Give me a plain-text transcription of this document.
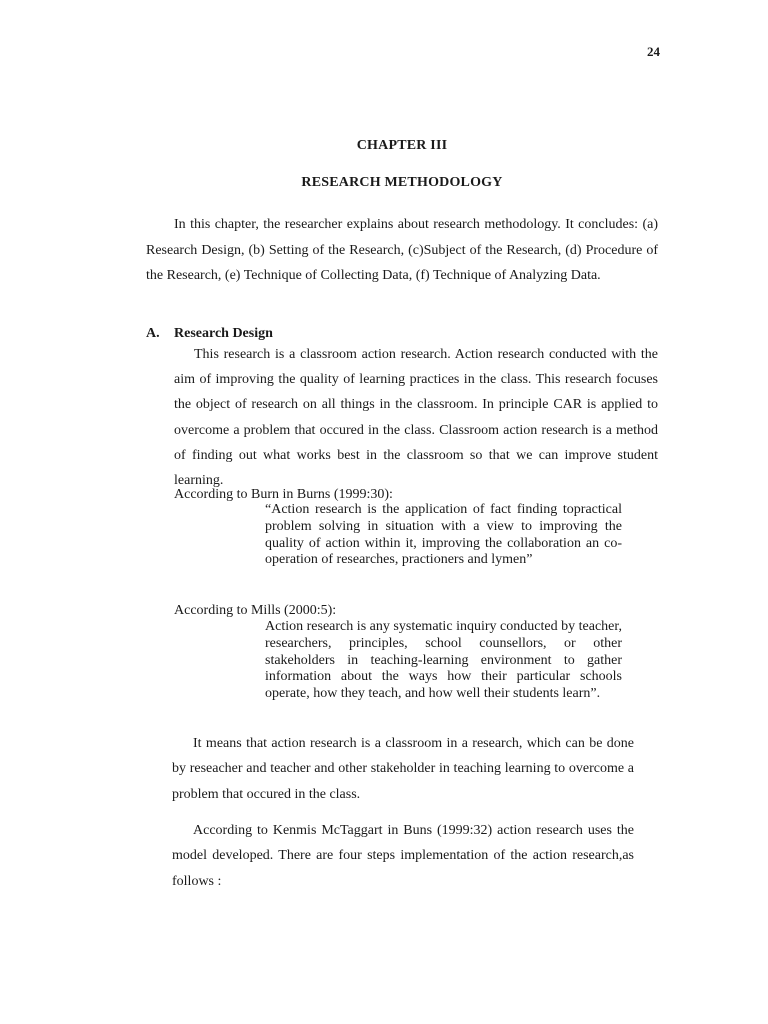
24
CHAPTER III
RESEARCH METHODOLOGY

In this chapter, the researcher explains about research methodology. It concludes: (a) Research Design, (b) Setting of the Research, (c)Subject of the Research, (d) Procedure of the Research, (e) Technique of Collecting Data, (f) Technique of Analyzing Data.

A. Research Design

This research is a classroom action research. Action research conducted with the aim of improving the quality of learning practices in the class. This research focuses the object of research on all things in the classroom. In principle CAR is applied to overcome a problem that occured in the class. Classroom action research is a method of finding out what works best in the classroom so that we can improve student learning.

According to Burn in Burns (1999:30):

“Action research is the application of fact finding topractical problem solving in situation with a view to improving the quality of action within it, improving the collaboration an co-operation of researches, practioners and lymen”

According to Mills (2000:5):

Action research is any systematic inquiry conducted by teacher, researchers, principles, school counsellors, or other stakeholders in teaching-learning environment to gather information about the ways how their particular schools operate, how they teach, and how well their students learn”.

It means that action research is a classroom in a research, which can be done by reseacher and teacher and other stakeholder in teaching learning to overcome a problem that occured in the class.

According to Kenmis McTaggart in Buns (1999:32) action research uses the model developed. There are four steps implementation of the action research,as follows :
